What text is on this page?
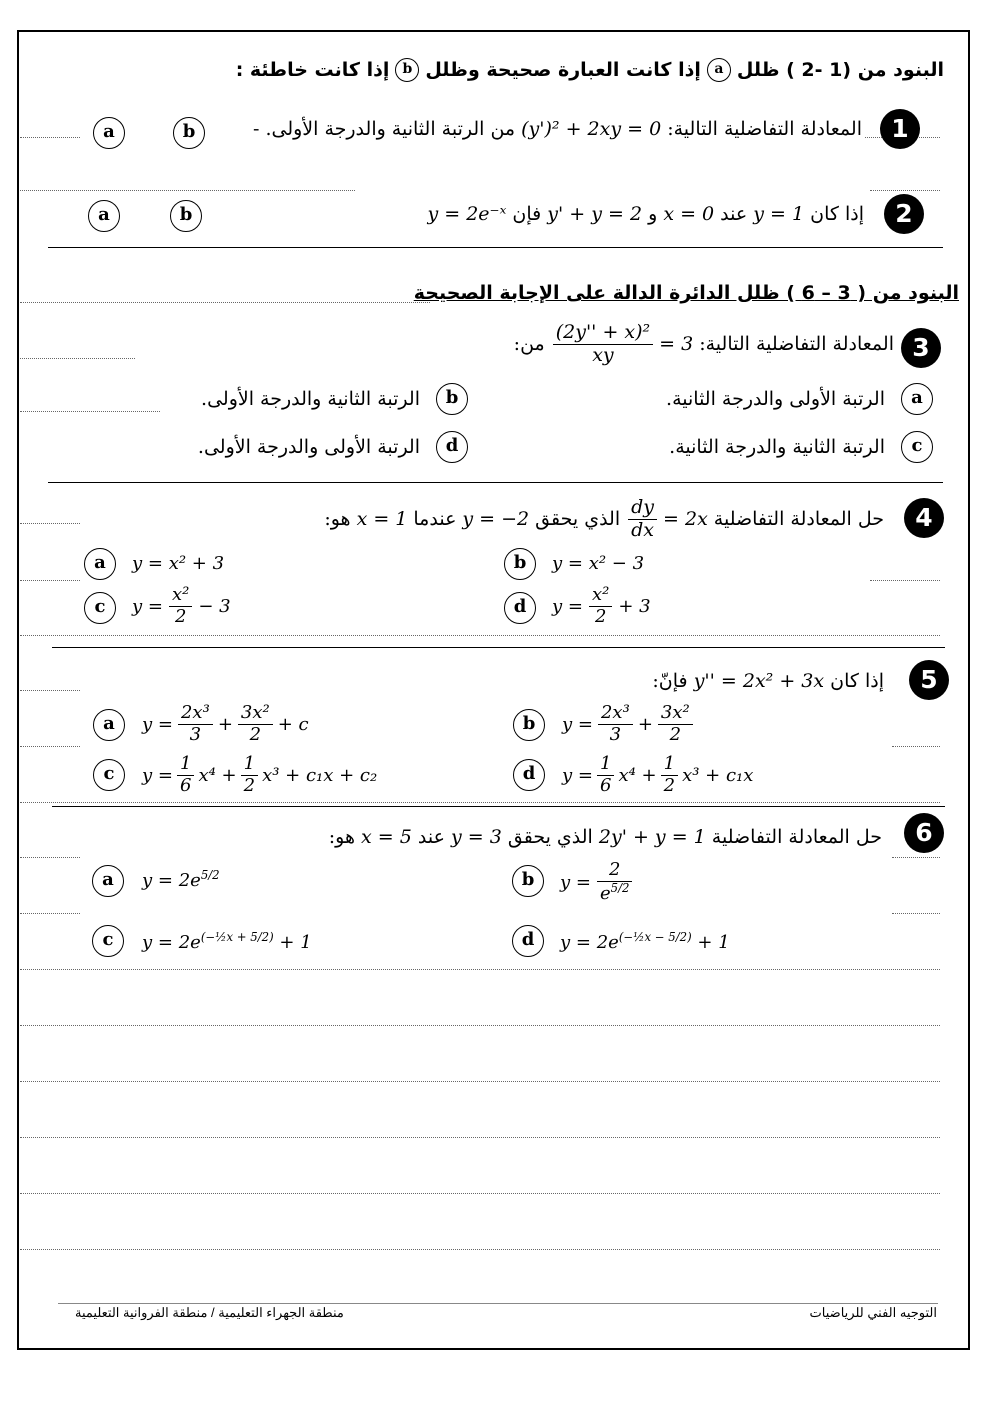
البنود من (1 -2 ) ظلل
a
إذا كانت العبارة صحيحة وظلل
b
إذا كانت خاطئة :
1
المعادلة التفاضلية التالية: (y')² + 2xy = 0 من الرتبة الثانية والدرجة الأولى. -
a	b
2
إذا كان y = 1 عند x = 0 و y' + y = 2 فإن y = 2e⁻ˣ
a	b
البنود من ( 3 – 6 ) ظلل الدائرة الدالة على الإجابة الصحيحة
3
المعادلة التفاضلية التالية:
$\frac{\text{(2y'' + x)²}}{xy} = 3$
من:
a
الرتبة الأولى والدرجة الثانية.
b
الرتبة الثانية والدرجة الأولى.
c
الرتبة الثانية والدرجة الثانية.
d
الرتبة الأولى والدرجة الأولى.
4
حل المعادلة التفاضلية
$\frac{dy}{dx} = 2x$
الذي يحقق
y = −2
عندما
x = 1
هو:
a	y = x² + 3	b	y = x² − 3
c	$y = \frac{\text{x²}}{2} - 3$	d	$y = \frac{\text{x²}}{2} + 3$
5
إذا كان y'' = 2x² + 3x فإنّ:
a	$y = \frac{\text{2x³}}{3} + \frac{\text{3x²}}{2} + c$	b	$y = \frac{\text{2x³}}{3} + \frac{\text{3x²}}{2}$
c	$y = \frac{1}{6} x^4 + \frac{1}{2} x^3 + c_1x + c_2$	d	$y = \frac{1}{6} x^4 + \frac{1}{2} x^3 + c_1x$
6
حل المعادلة التفاضلية 2y' + y = 1 الذي يحقق y = 3 عند x = 5 هو:
a	$y = 2e^{5/2}$	b	$y = \frac{2}{e^{5/2}}$
c	$y = 2e^{(-\frac{1}{2}x + 5/2)} + 1$	d	$y = 2e^{(-\frac{1}{2}x - 5/2)} + 1$
التوجيه الفني للرياضيات
منطقة الجهراء التعليمية / منطقة الفروانية التعليمية
